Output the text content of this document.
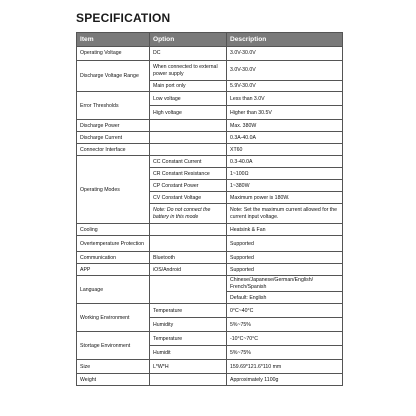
SPECIFICATION
Item	Option	Description
Operating Voltage	DC	3.0V-30.0V
Discharge Voltage Range	When connected to external power supply	3.0V-30.0V
	Main port only	5.9V-30.0V
Error Thresholds	Low voltage	Less than 3.0V
	High voltage	Higher than 30.5V
Discharge Power		Max. 380W
Discharge Current		0.3A-40.0A
Connector Interface		XT60
Operating Modes	CC Constant Current	0.3-40.0A
	CR Constant Resistance	1~100Ω
	CP Constant Power	1~380W
	CV Constant Voltage	Maximum power is 180W.
	Note: Do not connect the battery in this mode	Note: Set the maximum current allowed for the current input voltage.
Cooling		Heatsink & Fan
Overtemperature Protection		Supported
Communication	Bluetooth	Supported
APP	iOS/Android	Supported
Language		Chinese/Japanese/German/English/ French/Spanish
		Default: English
Working Environment	Temperature	0°C~40°C
	Humidity	5%~75%
Stortage Environment	Temperature	-10°C~70°C
	Humidit	5%~75%
Size	L*W*H	159.69*121.6*110 mm
Weight		Approximately 1100g
